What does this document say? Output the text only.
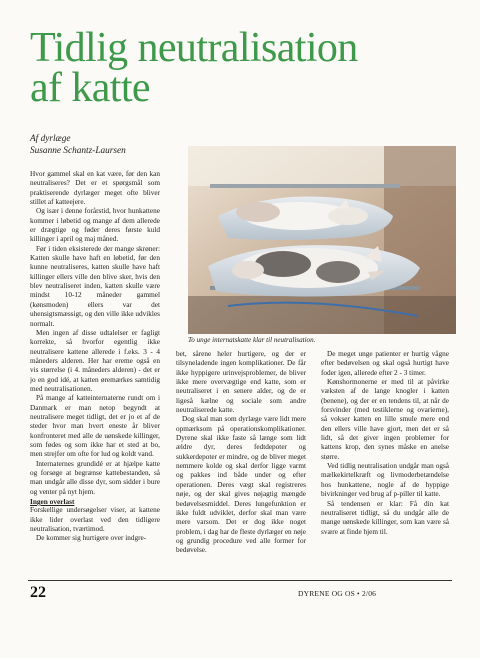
Tidlig neutralisation
af katte
Af dyrlæge
Susanne Schantz-Laursen

Hvor gammel skal en kat være, før den kan neutraliseres? Det er et spørgsmål som praktiserende dyrlæger meget ofte bliver stillet af katteejere.

Og især i denne forårstid, hvor hunkattene kommer i løbetid og mange af dem allerede er drægtige og føder deres første kuld killinger i april og maj måned.

Før i tiden eksisterede der mange skrøner: Katten skulle have haft en løbetid, før den kunne neutraliseres, katten skulle have haft killinger ellers ville den blive sker, hvis den blev neutraliseret inden, katten skulle være mindst 10-12 måneder gammel (kønsmoden) ellers var det uhensigtsmæssigt, og den ville ikke udvikles normalt.

Men ingen af disse udtalelser er fagligt korrekte, så hvorfor egentlig ikke neutralisere kattene allerede i f.eks. 3 - 4 måneders alderen. Her har ereme også en vis størrelse (i 4. måneders alderen) - det er jo en god idé, at katten øremærkes samtidig med neutralisationen.

På mange af katteinternaterne rundt om i Danmark er man netop begyndt at neutralisere meget tidligt, det er jo et af de steder hvor man hvert eneste år bliver konfronteret med alle de uønskede killinger, som fødes og som ikke har et sted at bo, men strejfer om ofte for lud og koldt vand.

Internaternes grundidé er at hjælpe katte og forsøge at begrænse kattebestanden, så man undgår alle disse dyr, som sidder i bure og venter på nyt hjem.

Ingen overlast

Forskellige undersøgelser viser, at kattene ikke lider overlast ved den tidligere neutralisation, tværtimod.

De kommer sig hurtigere over indgre-

To unge internatskatte klar til neutralisation.

bet, sårene heler hurtigere, og der er tilsyneladende ingen komplikationer. De får ikke hyppigere urinvejsproblemer, de bliver ikke mere overvægtige end katte, som er neutraliseret i en senere alder, og de er ligeså kælne og sociale som andre neutraliserede katte.

Dog skal man som dyrlæge være lidt mere opmærksom på operationskomplikationer. Dyrene skal ikke faste så længe som lidt ældre dyr, deres fedtdepoter og sukkerdepoter er mindre, og de bliver meget nemmere kolde og skal derfor ligge varmt og pakkes ind både under og efter operationen. Deres vægt skal registreres nøje, og der skal gives nøjagtig mængde bedøvelsesmiddel. Deres lungefunktion er ikke fuldt udviklet, derfor skal man være mere varsom. Det er dog ikke noget problem, i dag har de fleste dyrlæger en nøje og grundig procedure ved alle former for bedøvelse.

De meget unge patienter er hurtig vågne efter bedøvelsen og skal også hurtigt have foder igen, allerede efter 2 - 3 timer.

Kønshormonerne er med til at påvirke væksten af de lange knogler i katten (benene), og der er en tendens til, at når de forsvinder (med testiklerne og ovarierne), så vokser katten en lille smule mere end den ellers ville have gjort, men det er så lidt, så det giver ingen problemer for kattens krop, den synes måske en anelse større.

Ved tidlig neutralisation undgår man også mælkekirtelkræft og livmoderbetændelse hos hunkattene, nogle af de hyppige bivirkninger ved brug af p-piller til katte.

Så tendensen er klar: Få din kat neutraliseret tidligt, så du undgår alle de mange uønskede killinger, som kan være så svære at finde hjem til.

22	DYRENE OG OS • 2/06
